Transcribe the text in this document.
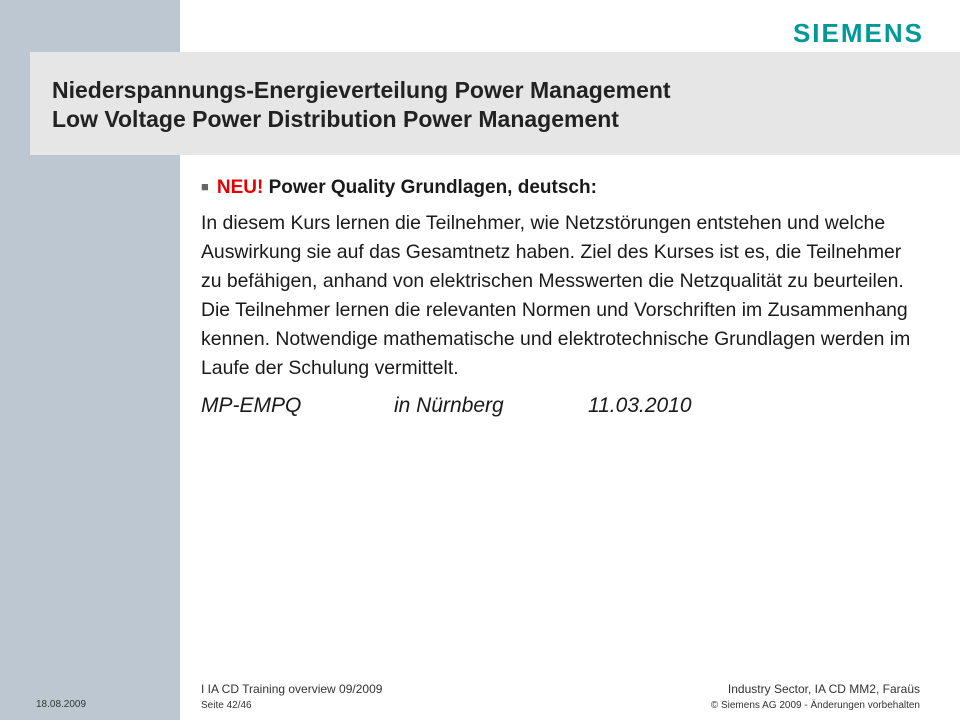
SIEMENS
Niederspannungs-Energieverteilung Power Management
Low Voltage Power Distribution Power Management
■ NEU! Power Quality Grundlagen, deutsch:
In diesem Kurs lernen die Teilnehmer, wie Netzstörungen entstehen und welche Auswirkung sie auf das Gesamtnetz haben. Ziel des Kurses ist es, die Teilnehmer zu befähigen, anhand von elektrischen Messwerten die Netzqualität zu beurteilen. Die Teilnehmer lernen die relevanten Normen und Vorschriften im Zusammenhang kennen. Notwendige mathematische und elektrotechnische Grundlagen werden im Laufe der Schulung vermittelt.
MP-EMPQ	in Nürnberg	11.03.2010
18.08.2009
I IA CD Training overview 09/2009
Seite 42/46
Industry Sector, IA CD MM2, Faraüs
© Siemens AG 2009 - Änderungen vorbehalten
